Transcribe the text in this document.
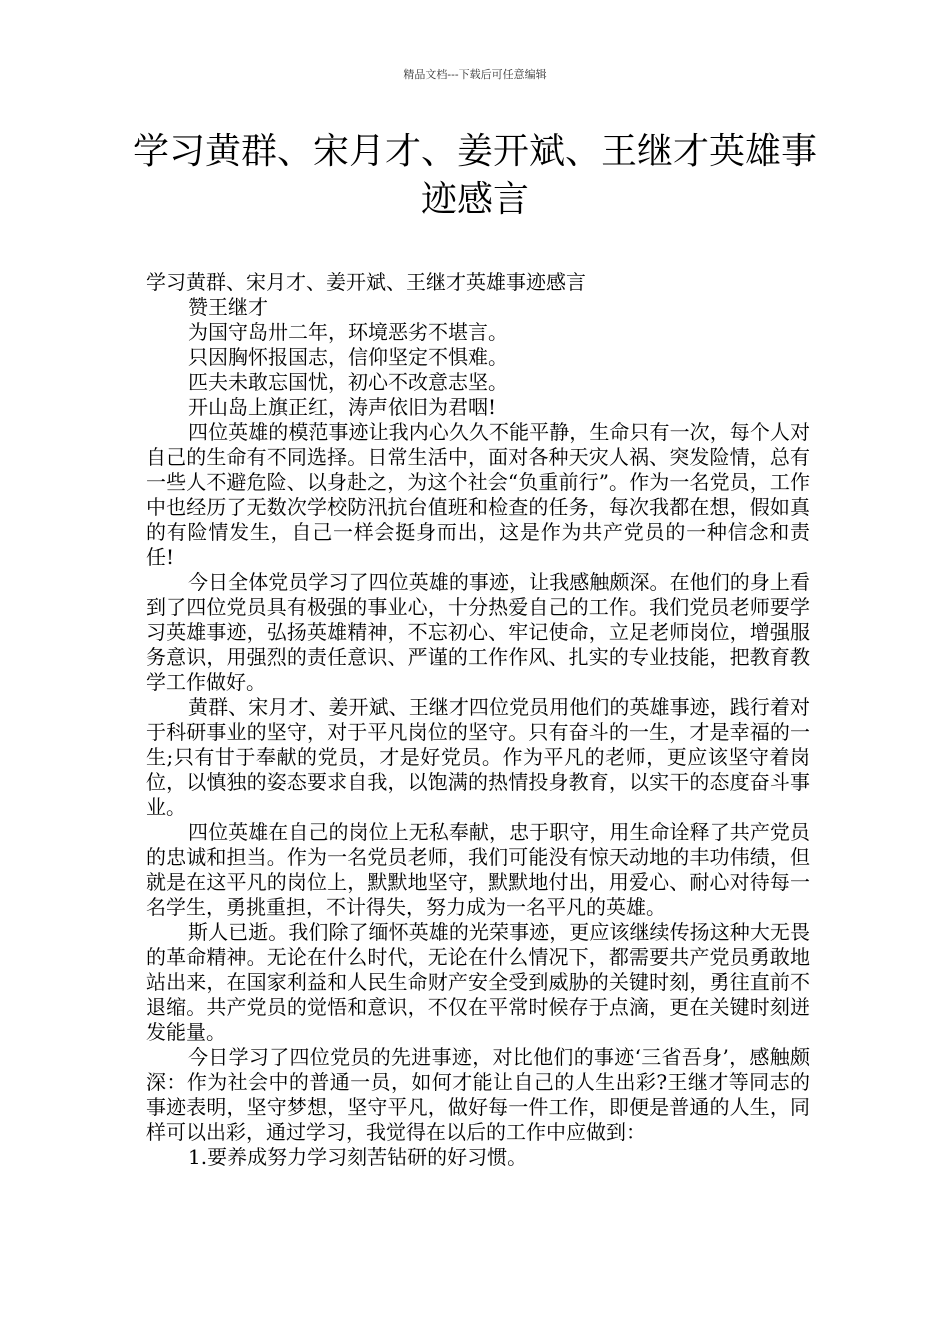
精品文档---下载后可任意编辑
学习黄群、宋月才、姜开斌、王继才英雄事迹感言

学习黄群、宋月才、姜开斌、王继才英雄事迹感言

赞王继才

为国守岛卅二年，环境恶劣不堪言。

只因胸怀报国志，信仰坚定不惧难。

匹夫未敢忘国忧，初心不改意志坚。

开山岛上旗正红，涛声依旧为君咽!

四位英雄的模范事迹让我内心久久不能平静，生命只有一次，每个人对自己的生命有不同选择。日常生活中，面对各种天灾人祸、突发险情，总有一些人不避危险、以身赴之，为这个社会“负重前行”。作为一名党员，工作中也经历了无数次学校防汛抗台值班和检查的任务，每次我都在想，假如真的有险情发生，自己一样会挺身而出，这是作为共产党员的一种信念和责任!

今日全体党员学习了四位英雄的事迹，让我感触颇深。在他们的身上看到了四位党员具有极强的事业心，十分热爱自己的工作。我们党员老师要学习英雄事迹，弘扬英雄精神，不忘初心、牢记使命，立足老师岗位，增强服务意识，用强烈的责任意识、严谨的工作作风、扎实的专业技能，把教育教学工作做好。

黄群、宋月才、姜开斌、王继才四位党员用他们的英雄事迹，践行着对于科研事业的坚守，对于平凡岗位的坚守。只有奋斗的一生，才是幸福的一生;只有甘于奉献的党员，才是好党员。作为平凡的老师，更应该坚守着岗位，以慎独的姿态要求自我，以饱满的热情投身教育，以实干的态度奋斗事业。

四位英雄在自己的岗位上无私奉献，忠于职守，用生命诠释了共产党员的忠诚和担当。作为一名党员老师，我们可能没有惊天动地的丰功伟绩，但就是在这平凡的岗位上，默默地坚守，默默地付出，用爱心、耐心对待每一名学生，勇挑重担，不计得失，努力成为一名平凡的英雄。

斯人已逝。我们除了缅怀英雄的光荣事迹，更应该继续传扬这种大无畏的革命精神。无论在什么时代，无论在什么情况下，都需要共产党员勇敢地站出来，在国家利益和人民生命财产安全受到威胁的关键时刻，勇往直前不退缩。共产党员的觉悟和意识，不仅在平常时候存于点滴，更在关键时刻迸发能量。

今日学习了四位党员的先进事迹，对比他们的事迹‘三省吾身’，感触颇深：作为社会中的普通一员，如何才能让自己的人生出彩?王继才等同志的事迹表明，坚守梦想，坚守平凡，做好每一件工作，即便是普通的人生，同样可以出彩，通过学习，我觉得在以后的工作中应做到：

1.要养成努力学习刻苦钻研的好习惯。
